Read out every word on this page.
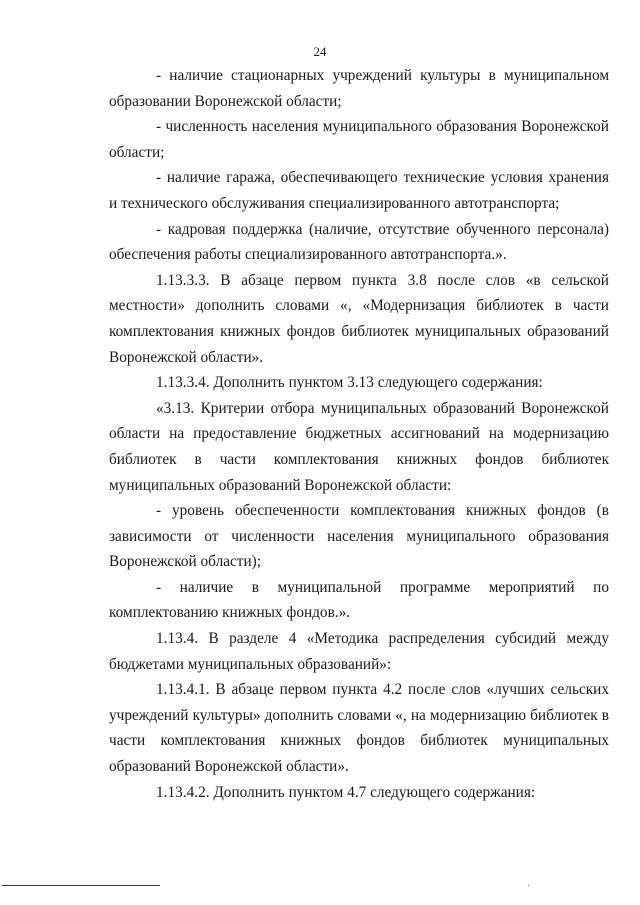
24

- наличие стационарных учреждений культуры в муниципальном образовании Воронежской области;

- численность населения муниципального образования Воронежской области;

- наличие гаража, обеспечивающего технические условия хранения и технического обслуживания специализированного автотранспорта;

- кадровая поддержка (наличие, отсутствие обученного персонала) обеспечения работы специализированного автотранспорта.».

1.13.3.3. В абзаце первом пункта 3.8 после слов «в сельской местности» дополнить словами «, «Модернизация библиотек в части комплектования книжных фондов библиотек муниципальных образований Воронежской области».

1.13.3.4. Дополнить пунктом 3.13 следующего содержания:

«3.13. Критерии отбора муниципальных образований Воронежской области на предоставление бюджетных ассигнований на модернизацию библиотек в части комплектования книжных фондов библиотек муниципальных образований Воронежской области:

- уровень обеспеченности комплектования книжных фондов (в зависимости от численности населения муниципального образования Воронежской области);

- наличие в муниципальной программе мероприятий по комплектованию книжных фондов.».

1.13.4. В разделе 4 «Методика распределения субсидий между бюджетами муниципальных образований»:

1.13.4.1. В абзаце первом пункта 4.2 после слов «лучших сельских учреждений культуры» дополнить словами «, на модернизацию библиотек в части комплектования книжных фондов библиотек муниципальных образований Воронежской области».

1.13.4.2. Дополнить пунктом 4.7 следующего содержания:

'
